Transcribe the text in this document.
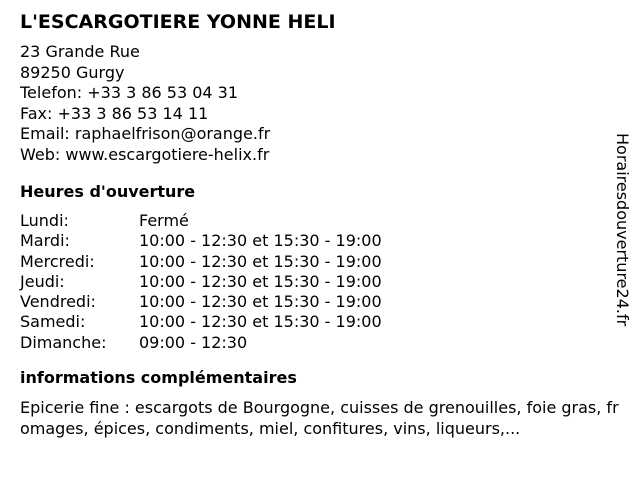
L'ESCARGOTIERE YONNE HELI
23 Grande Rue
89250 Gurgy
Telefon: +33 3 86 53 04 31
Fax: +33 3 86 53 14 11
Email: raphaelfrison@orange.fr
Web: www.escargotiere-helix.fr
Heures d'ouverture
Lundi:	Fermé
Mardi:	10:00 - 12:30 et 15:30 - 19:00
Mercredi:	10:00 - 12:30 et 15:30 - 19:00
Jeudi:	10:00 - 12:30 et 15:30 - 19:00
Vendredi:	10:00 - 12:30 et 15:30 - 19:00
Samedi:	10:00 - 12:30 et 15:30 - 19:00
Dimanche:	09:00 - 12:30
informations complémentaires
Epicerie fine : escargots de Bourgogne, cuisses de grenouilles, foie gras, fromages, épices, condiments, miel, confitures, vins, liqueurs,...
Horairesdouverture24.fr
